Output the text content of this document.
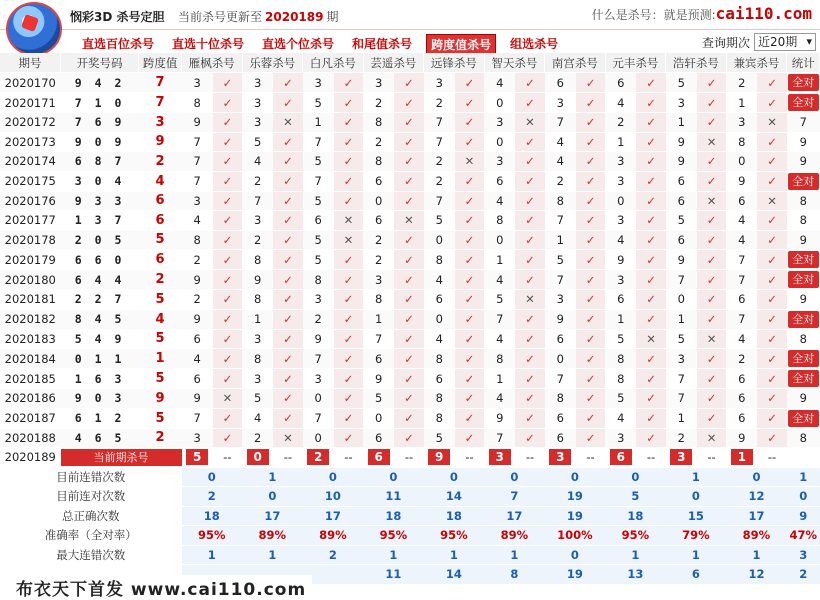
悯彩3D 杀号定胆 当前杀号更新至 2020189 期	什么是杀号：就是预测:cai110.com
直选百位杀号	直选十位杀号	直选个位杀号	和尾值杀号	跨度值杀号	组选杀号	查询期次 近20期 ▾
期号	开奖号码	跨度值	雁枫杀号		乐蓉杀号		白凡杀号		芸遥杀号		远锋杀号		智天杀号		南宫杀号		元丰杀号		浩轩杀号		兼宾杀号		统计
2020170	9 4 2	7	3	✓	3	✓	3	✓	3	✓	3	✓	4	✓	6	✓	6	✓	5	✓	2	✓	全对

2020171	7 1 0	7	8	✓	3	✓	5	✓	2	✓	2	✓	0	✓	3	✓	4	✓	3	✓	1	✓	全对

2020172	7 6 9	3	9	✓	3	✕	1	✓	8	✓	7	✓	3	✕	7	✓	2	✓	1	✓	3	✕	7
2020173	9 0 9	9	7	✓	5	✓	7	✓	2	✓	7	✓	0	✓	4	✓	1	✓	9	✕	8	✓	9
2020174	6 8 7	2	7	✓	4	✓	5	✓	8	✓	2	✕	3	✓	4	✓	3	✓	9	✓	0	✓	9
2020175	3 0 4	4	7	✓	2	✓	7	✓	6	✓	2	✓	6	✓	2	✓	3	✓	6	✓	9	✓	全对

2020176	9 3 3	6	3	✓	7	✓	5	✓	0	✓	7	✓	4	✓	8	✓	0	✓	6	✕	6	✕	8
2020177	1 3 7	6	4	✓	3	✓	6	✕	6	✕	5	✓	8	✓	7	✓	3	✓	5	✓	4	✓	8
2020178	2 0 5	5	8	✓	2	✓	5	✕	2	✓	0	✓	0	✓	1	✓	4	✓	6	✓	4	✓	9
2020179	6 6 0	6	2	✓	8	✓	5	✓	2	✓	8	✓	1	✓	5	✓	9	✓	9	✓	7	✓	全对

2020180	6 4 4	2	9	✓	9	✓	8	✓	3	✓	4	✓	4	✓	7	✓	3	✓	7	✓	7	✓	全对

2020181	2 2 7	5	2	✓	8	✓	3	✓	8	✓	6	✓	5	✕	3	✓	6	✓	0	✓	6	✓	9
2020182	8 4 5	4	9	✓	1	✓	2	✓	1	✓	0	✓	7	✓	9	✓	1	✓	1	✓	7	✓	全对

2020183	5 4 9	5	6	✓	3	✓	9	✓	7	✓	4	✓	4	✓	6	✓	5	✕	5	✕	4	✓	8
2020184	0 1 1	1	4	✓	8	✓	7	✓	6	✓	8	✓	8	✓	0	✓	8	✓	3	✓	2	✓	全对

2020185	1 6 3	5	6	✓	3	✓	3	✓	9	✓	6	✓	1	✓	7	✓	8	✓	7	✓	6	✓	全对

2020186	9 0 3	9	9	✕	5	✓	0	✓	5	✓	8	✓	4	✓	8	✓	5	✓	7	✓	6	✓	9
2020187	6 1 2	5	7	✓	4	✓	7	✓	0	✓	8	✓	9	✓	6	✓	4	✓	1	✓	6	✓	全对

2020188	4 6 5	2	3	✓	2	✕	0	✓	6	✓	5	✓	7	✓	6	✓	3	✓	2	✕	9	✓	8
2020189	当前期杀号		5	--	0	--	2	--	6	--	9	--	3	--	3	--	6	--	3	--	1	--	
目前连错次数			0		1		0		0		0		0		0		0		1		0		1
目前连对次数			2		0		10		11		14		7		19		5		0		12		0
总正确次数			18		17		17		18		18		17		19		18		15		17		9
准确率（全对率）			95%		89%		89%		95%		95%		89%		100%		95%		79%		89%		47%
最大连错次数			1		1		2		1		1		1		0		1		1		1		3
									11		14		8		19		13		6		12		2
布衣天下首发 www.cai110.com
